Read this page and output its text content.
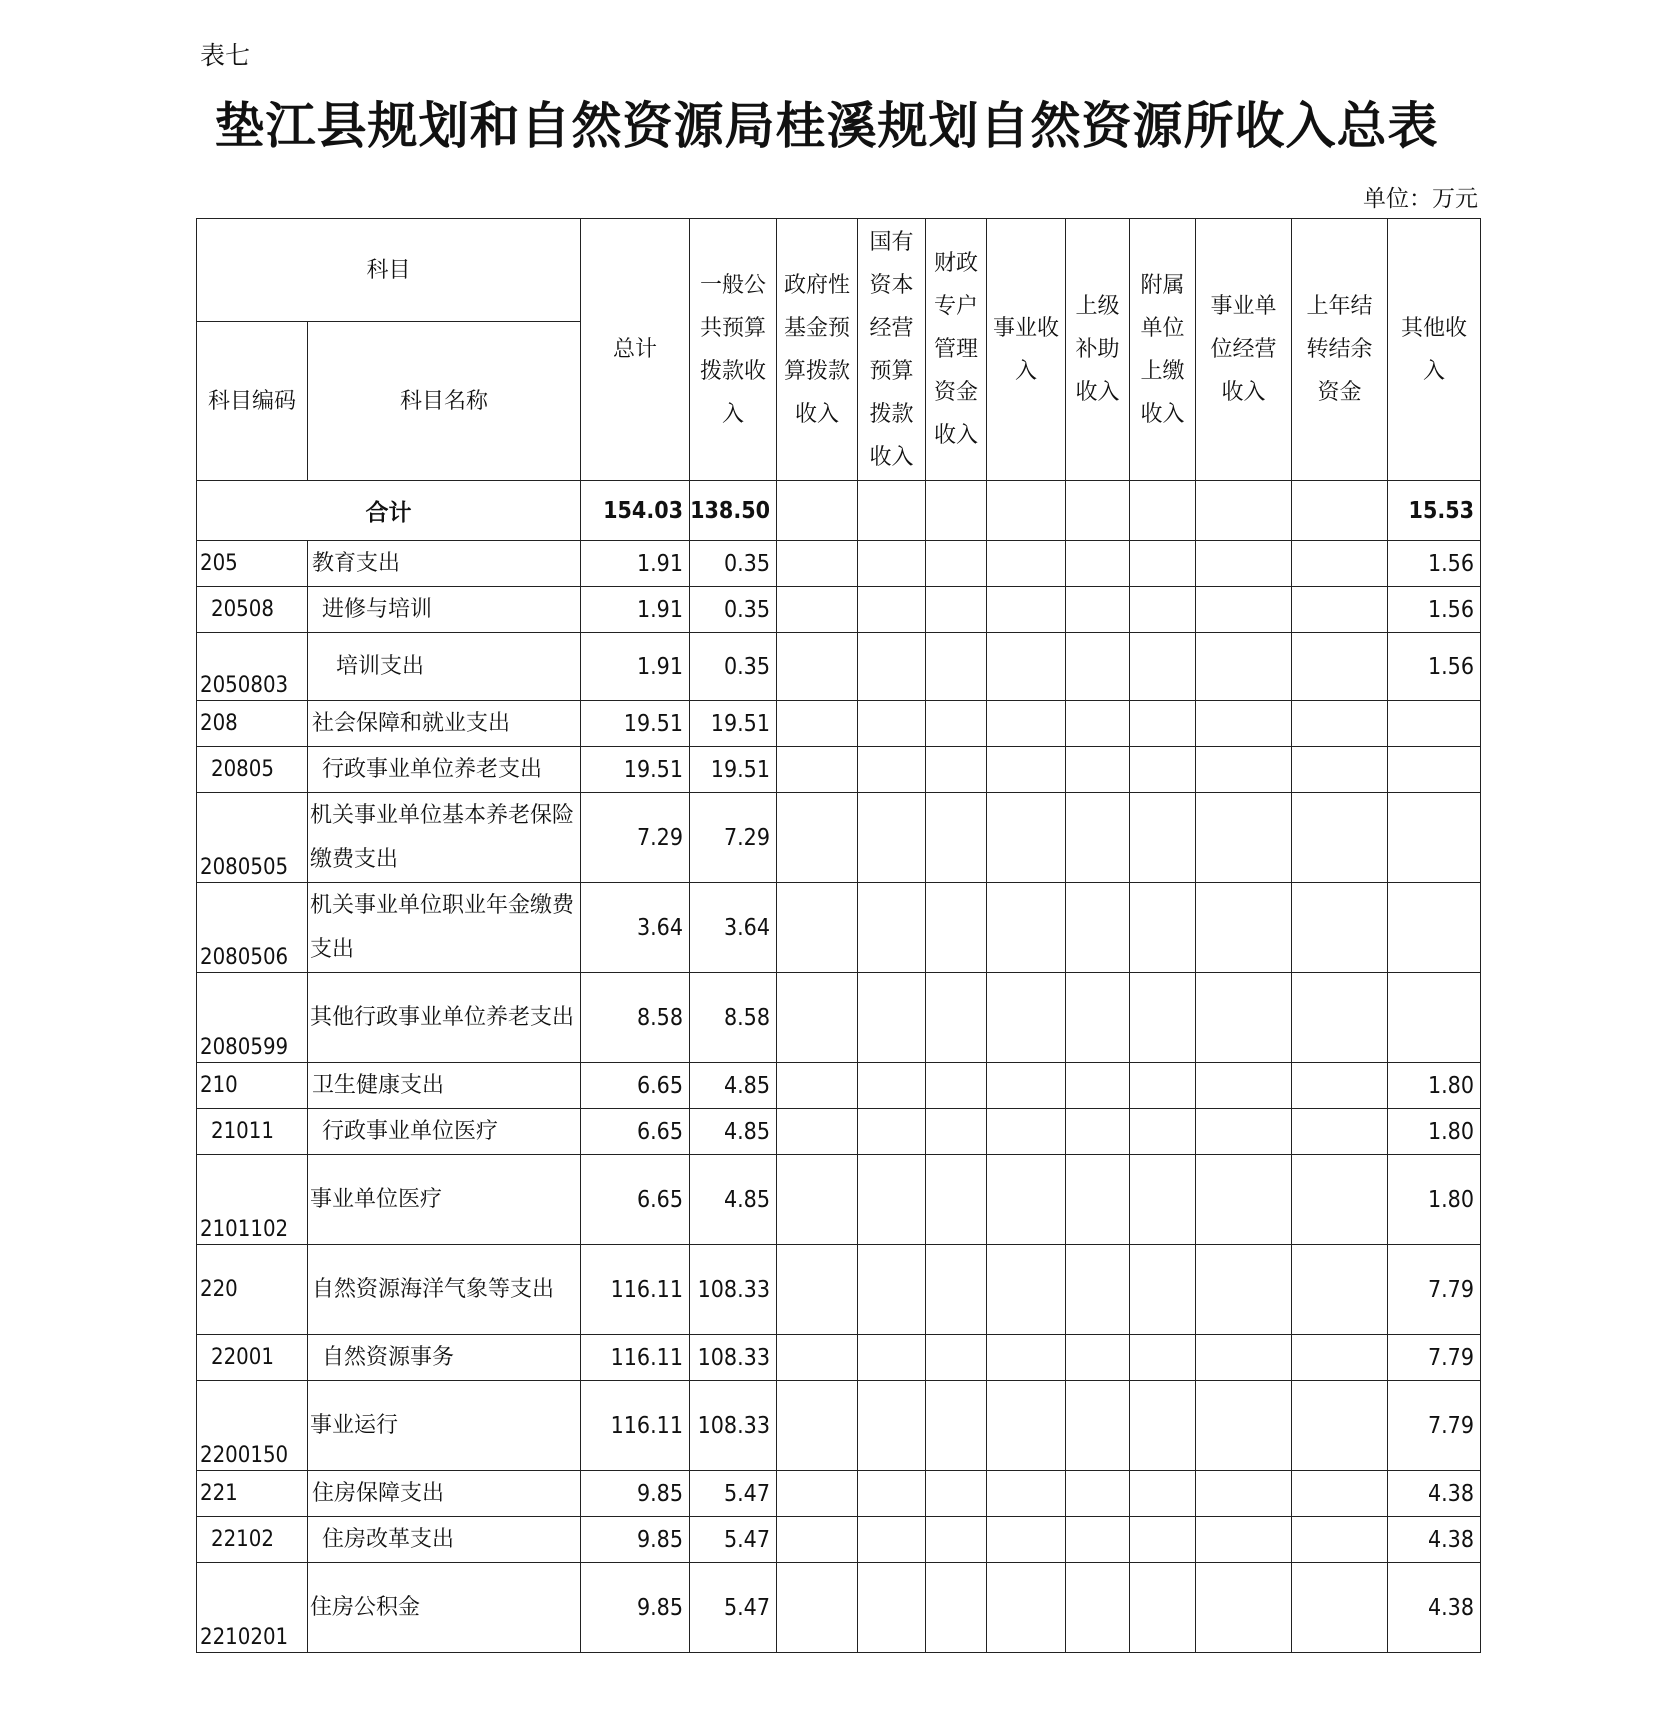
表七
垫江县规划和自然资源局桂溪规划自然资源所收入总表
单位：万元
科目		总计	一般公共预算拨款收入	政府性基金预算拨款收入	国有资本经营预算拨款收入	财政专户管理资金收入	事业收入	上级补助收入	附属单位上缴收入	事业单位经营收入	上年结转结余资金	其他收入
科目编码	科目名称											
合计		154.03	138.50									15.53
205	教育支出	1.91	0.35									1.56
20508	进修与培训	1.91	0.35									1.56
2050803	培训支出	1.91	0.35									1.56
208	社会保障和就业支出	19.51	19.51									
20805	行政事业单位养老支出	19.51	19.51									
2080505	机关事业单位基本养老保险缴费支出	7.29	7.29									
2080506	机关事业单位职业年金缴费支出	3.64	3.64									
2080599	其他行政事业单位养老支出	8.58	8.58									
210	卫生健康支出	6.65	4.85									1.80
21011	行政事业单位医疗	6.65	4.85									1.80
2101102	事业单位医疗	6.65	4.85									1.80
220	自然资源海洋气象等支出	116.11	108.33									7.79
22001	自然资源事务	116.11	108.33									7.79
2200150	事业运行	116.11	108.33									7.79
221	住房保障支出	9.85	5.47									4.38
22102	住房改革支出	9.85	5.47									4.38
2210201	住房公积金	9.85	5.47									4.38
